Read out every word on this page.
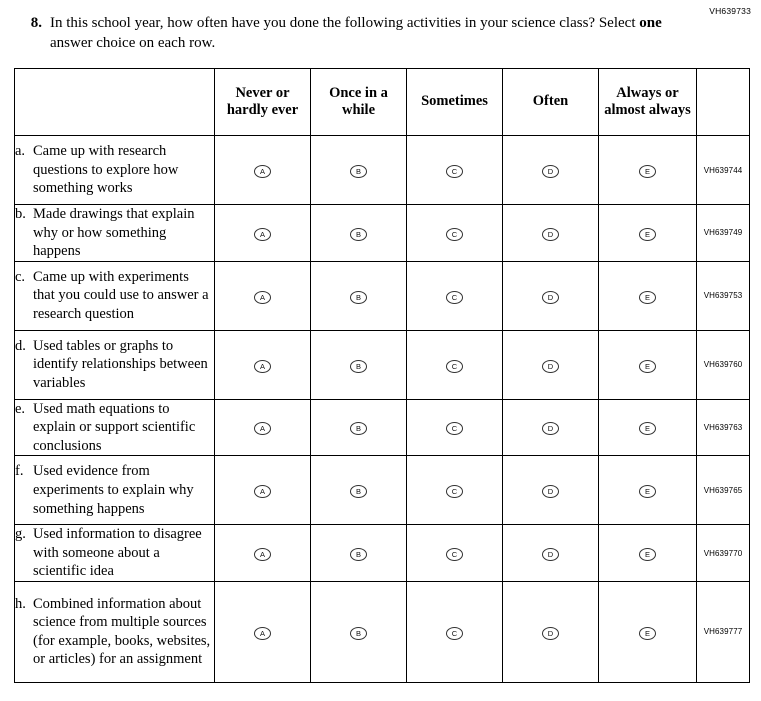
VH639733
8. In this school year, how often have you done the following activities in your science class? Select one answer choice on each row.
	Never or hardly ever	Once in a while	Sometimes	Often	Always or almost always	

a. Came up with research questions to explore how something works	A	B	C	D	E	VH639744

b. Made drawings that explain why or how something happens	A	B	C	D	E	VH639749

c. Came up with experiments that you could use to answer a research question	A	B	C	D	E	VH639753

d. Used tables or graphs to identify relationships between variables	A	B	C	D	E	VH639760

e. Used math equations to explain or support scientific conclusions	A	B	C	D	E	VH639763

f. Used evidence from experiments to explain why something happens	A	B	C	D	E	VH639765

g. Used information to disagree with someone about a scientific idea	A	B	C	D	E	VH639770

h. Combined information about science from multiple sources (for example, books, websites, or articles) for an assignment	A	B	C	D	E	VH639777
